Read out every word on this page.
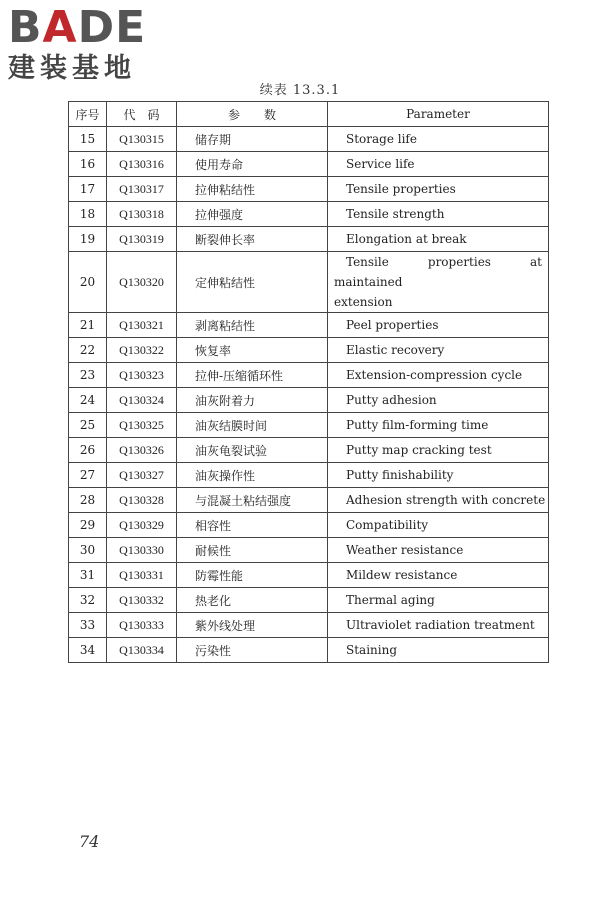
BADE
建装基地
续表 13.3.1
序号	代　码	参　　数	Parameter
15	Q130315	储存期	Storage life
16	Q130316	使用寿命	Service life
17	Q130317	拉伸粘结性	Tensile properties
18	Q130318	拉伸强度	Tensile strength
19	Q130319	断裂伸长率	Elongation at break
20	Q130320	定伸粘结性	Tensile properties at maintained
extension

21	Q130321	剥离粘结性	Peel properties
22	Q130322	恢复率	Elastic recovery
23	Q130323	拉伸-压缩循环性	Extension-compression cycle
24	Q130324	油灰附着力	Putty adhesion
25	Q130325	油灰结膜时间	Putty film-forming time
26	Q130326	油灰龟裂试验	Putty map cracking test
27	Q130327	油灰操作性	Putty finishability
28	Q130328	与混凝土粘结强度	Adhesion strength with concrete
29	Q130329	相容性	Compatibility
30	Q130330	耐候性	Weather resistance
31	Q130331	防霉性能	Mildew resistance
32	Q130332	热老化	Thermal aging
33	Q130333	紫外线处理	Ultraviolet radiation treatment
34	Q130334	污染性	Staining
74
